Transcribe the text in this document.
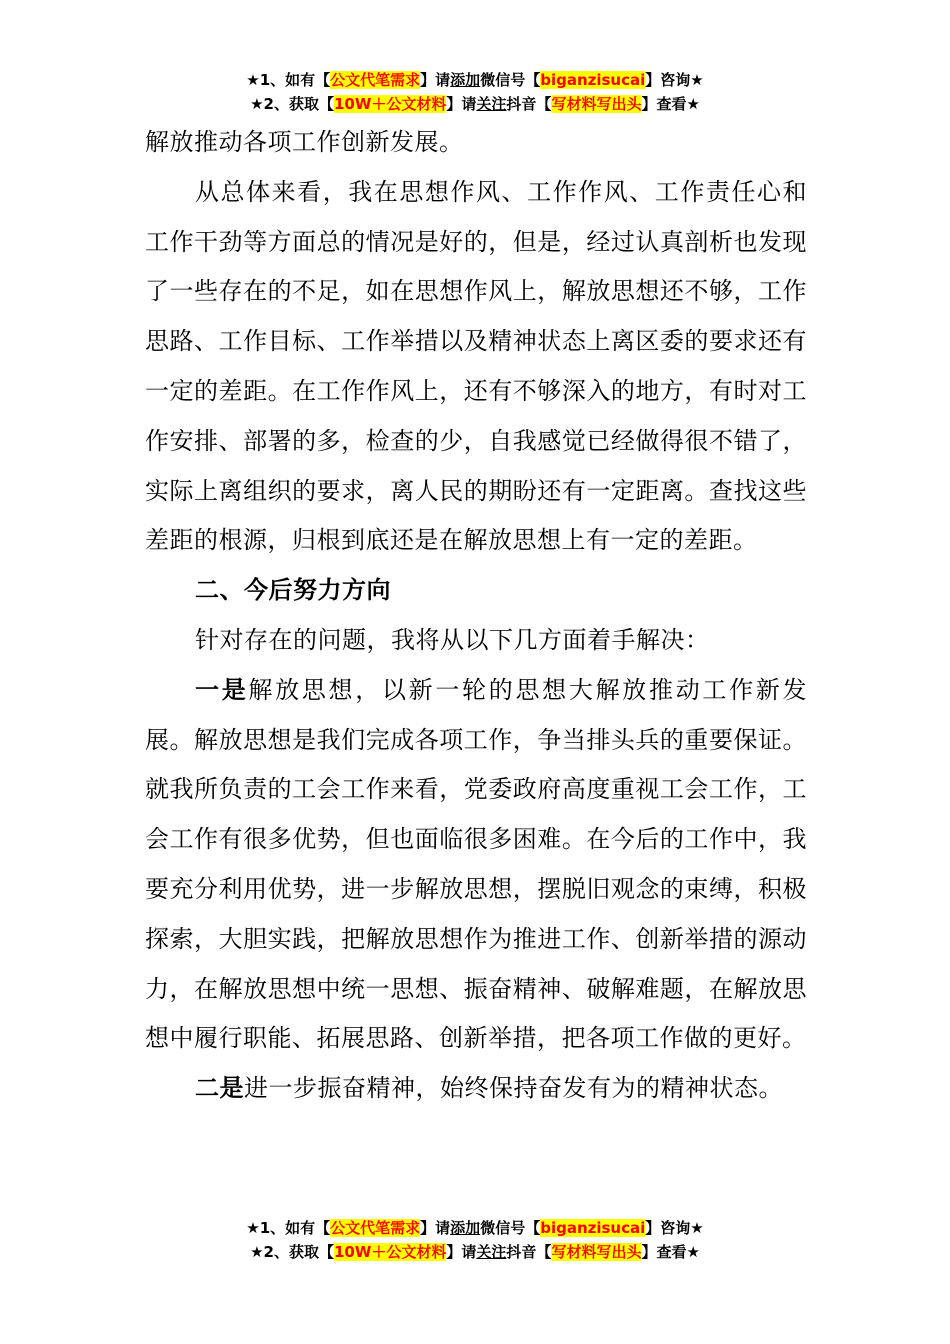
★1、如有【公文代笔需求】请添加微信号【biganzisucai】咨询★
★2、获取【10W＋公文材料】请关注抖音【写材料写出头】查看★

解放推动各项工作创新发展。

从总体来看，我在思想作风、工作作风、工作责任心和工作干劲等方面总的情况是好的，但是，经过认真剖析也发现了一些存在的不足，如在思想作风上，解放思想还不够，工作思路、工作目标、工作举措以及精神状态上离区委的要求还有一定的差距。在工作作风上，还有不够深入的地方，有时对工作安排、部署的多，检查的少，自我感觉已经做得很不错了，实际上离组织的要求，离人民的期盼还有一定距离。查找这些差距的根源，归根到底还是在解放思想上有一定的差距。

二、今后努力方向

针对存在的问题，我将从以下几方面着手解决：

一是解放思想，以新一轮的思想大解放推动工作新发展。解放思想是我们完成各项工作，争当排头兵的重要保证。就我所负责的工会工作来看，党委政府高度重视工会工作，工会工作有很多优势，但也面临很多困难。在今后的工作中，我要充分利用优势，进一步解放思想，摆脱旧观念的束缚，积极探索，大胆实践，把解放思想作为推进工作、创新举措的源动力，在解放思想中统一思想、振奋精神、破解难题，在解放思想中履行职能、拓展思路、创新举措，把各项工作做的更好。

二是进一步振奋精神，始终保持奋发有为的精神状态。

★1、如有【公文代笔需求】请添加微信号【biganzisucai】咨询★
★2、获取【10W＋公文材料】请关注抖音【写材料写出头】查看★
